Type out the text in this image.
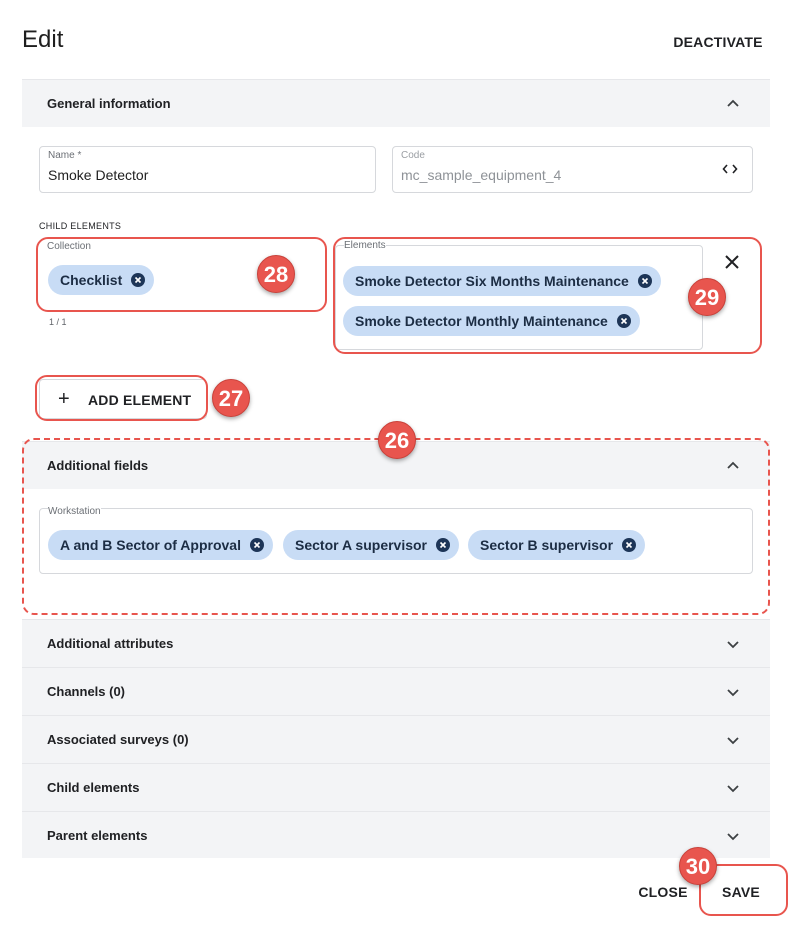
Edit	DEACTIVATE
General information
Name *
Smoke Detector
Code
mc_sample_equipment_4
CHILD ELEMENTS
Collection
Checklist
1 / 1
Elements
Smoke Detector Six Months Maintenance
Smoke Detector Monthly Maintenance
+ ADD ELEMENT
Additional fields
Workstation
A and B Sector of Approval	Sector A supervisor	Sector B supervisor
Additional attributes
Channels (0)
Associated surveys (0)
Child elements
Parent elements
CLOSE	SAVE
26
27
28
29
30
